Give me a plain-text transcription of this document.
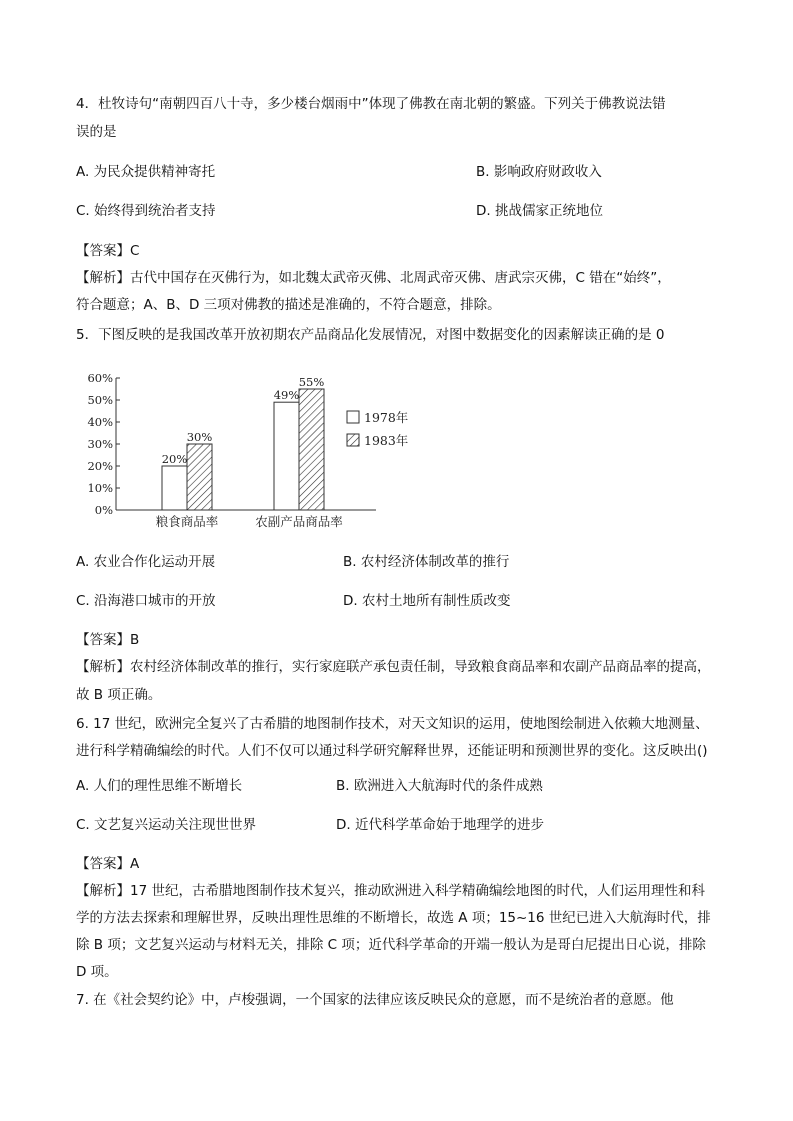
4．杜牧诗句“南朝四百八十寺，多少楼台烟雨中”体现了佛教在南北朝的繁盛。下列关于佛教说法错
误的是
A. 为民众提供精神寄托	B. 影响政府财政收入
C. 始终得到统治者支持	D. 挑战儒家正统地位
【答案】C
【解析】古代中国存在灭佛行为，如北魏太武帝灭佛、北周武帝灭佛、唐武宗灭佛，C 错在“始终”，
符合题意；A、B、D 三项对佛教的描述是准确的，不符合题意，排除。
5．下图反映的是我国改革开放初期农产品商品化发展情况，对图中数据变化的因素解读正确的是 0
0%
10%
20%
30%
40%
50%
60%
20%
30%
粮食商品率
49%
55%
农副产品商品率
1978年
1983年
A. 农业合作化运动开展	B. 农村经济体制改革的推行
C. 沿海港口城市的开放	D. 农村土地所有制性质改变
【答案】B
【解析】农村经济体制改革的推行，实行家庭联产承包责任制，导致粮食商品率和农副产品商品率的提高，
故 B 项正确。
6. 17 世纪，欧洲完全复兴了古希腊的地图制作技术，对天文知识的运用，使地图绘制进入依赖大地测量、
进行科学精确编绘的时代。人们不仅可以通过科学研究解释世界，还能证明和预测世界的变化。这反映出()
A. 人们的理性思维不断增长	B. 欧洲进入大航海时代的条件成熟
C. 文艺复兴运动关注现世世界	D. 近代科学革命始于地理学的进步
【答案】A
【解析】17 世纪，古希腊地图制作技术复兴，推动欧洲进入科学精确编绘地图的时代，人们运用理性和科
学的方法去探索和理解世界，反映出理性思维的不断增长，故选 A 项；15~16 世纪已进入大航海时代，排
除 B 项；文艺复兴运动与材料无关，排除 C 项；近代科学革命的开端一般认为是哥白尼提出日心说，排除
D 项。
7. 在《社会契约论》中，卢梭强调，一个国家的法律应该反映民众的意愿，而不是统治者的意愿。他
